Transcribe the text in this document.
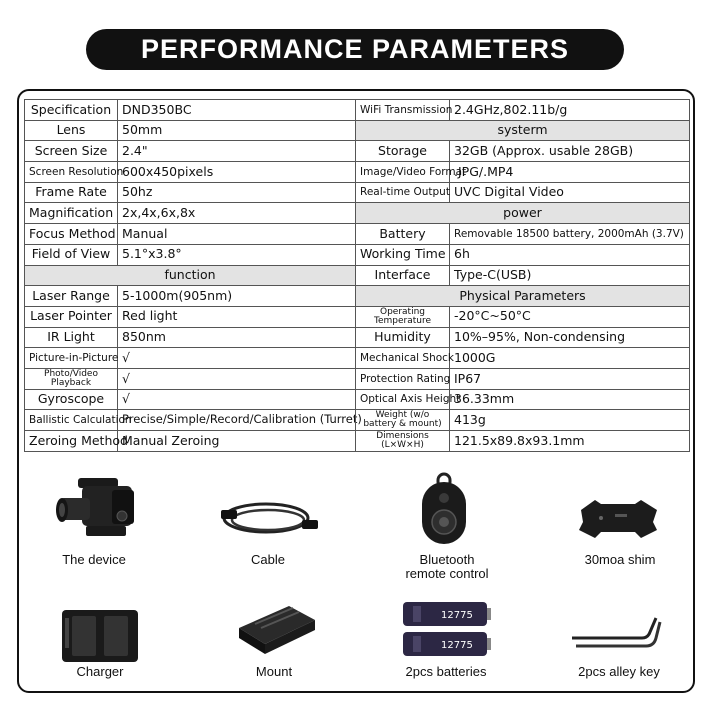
PERFORMANCE PARAMETERS
Specification	DND350BC
Lens	50mm
Screen Size	2.4"
Screen Resolution	600x450pixels
Frame Rate	50hz
Magnification	2x,4x,6x,8x
Focus Method	Manual
Field of View	5.1°x3.8°
function	
Laser Range	5-1000m(905nm)
Laser Pointer	Red light
IR Light	850nm
Picture-in-Picture	√
Photo/Video Playback	√
Gyroscope	√
Ballistic Calculation	Precise/Simple/Record/Calibration (Turret)
Zeroing Method	Manual Zeroing
WiFi Transmission	2.4GHz,802.11b/g
systerm	
Storage	32GB (Approx. usable 28GB)
Image/Video Format	.JPG/.MP4
Real-time Output	UVC Digital Video
power	
Battery	Removable 18500 battery, 2000mAh (3.7V)
Working Time	6h
Interface	Type-C(USB)
Physical Parameters	
Operating Temperature	-20°C~50°C
Humidity	10%–95%, Non-condensing
Mechanical Shock	1000G
Protection Rating	IP67
Optical Axis Height	36.33mm
Weight (w/o battery & mount)	413g
Dimensions (L×W×H)	121.5x89.8x93.1mm
The device	Cable	Bluetooth remote control
30moa shim
Charger	Mount
12775
12775
2pcs batteries	2pcs alley key
